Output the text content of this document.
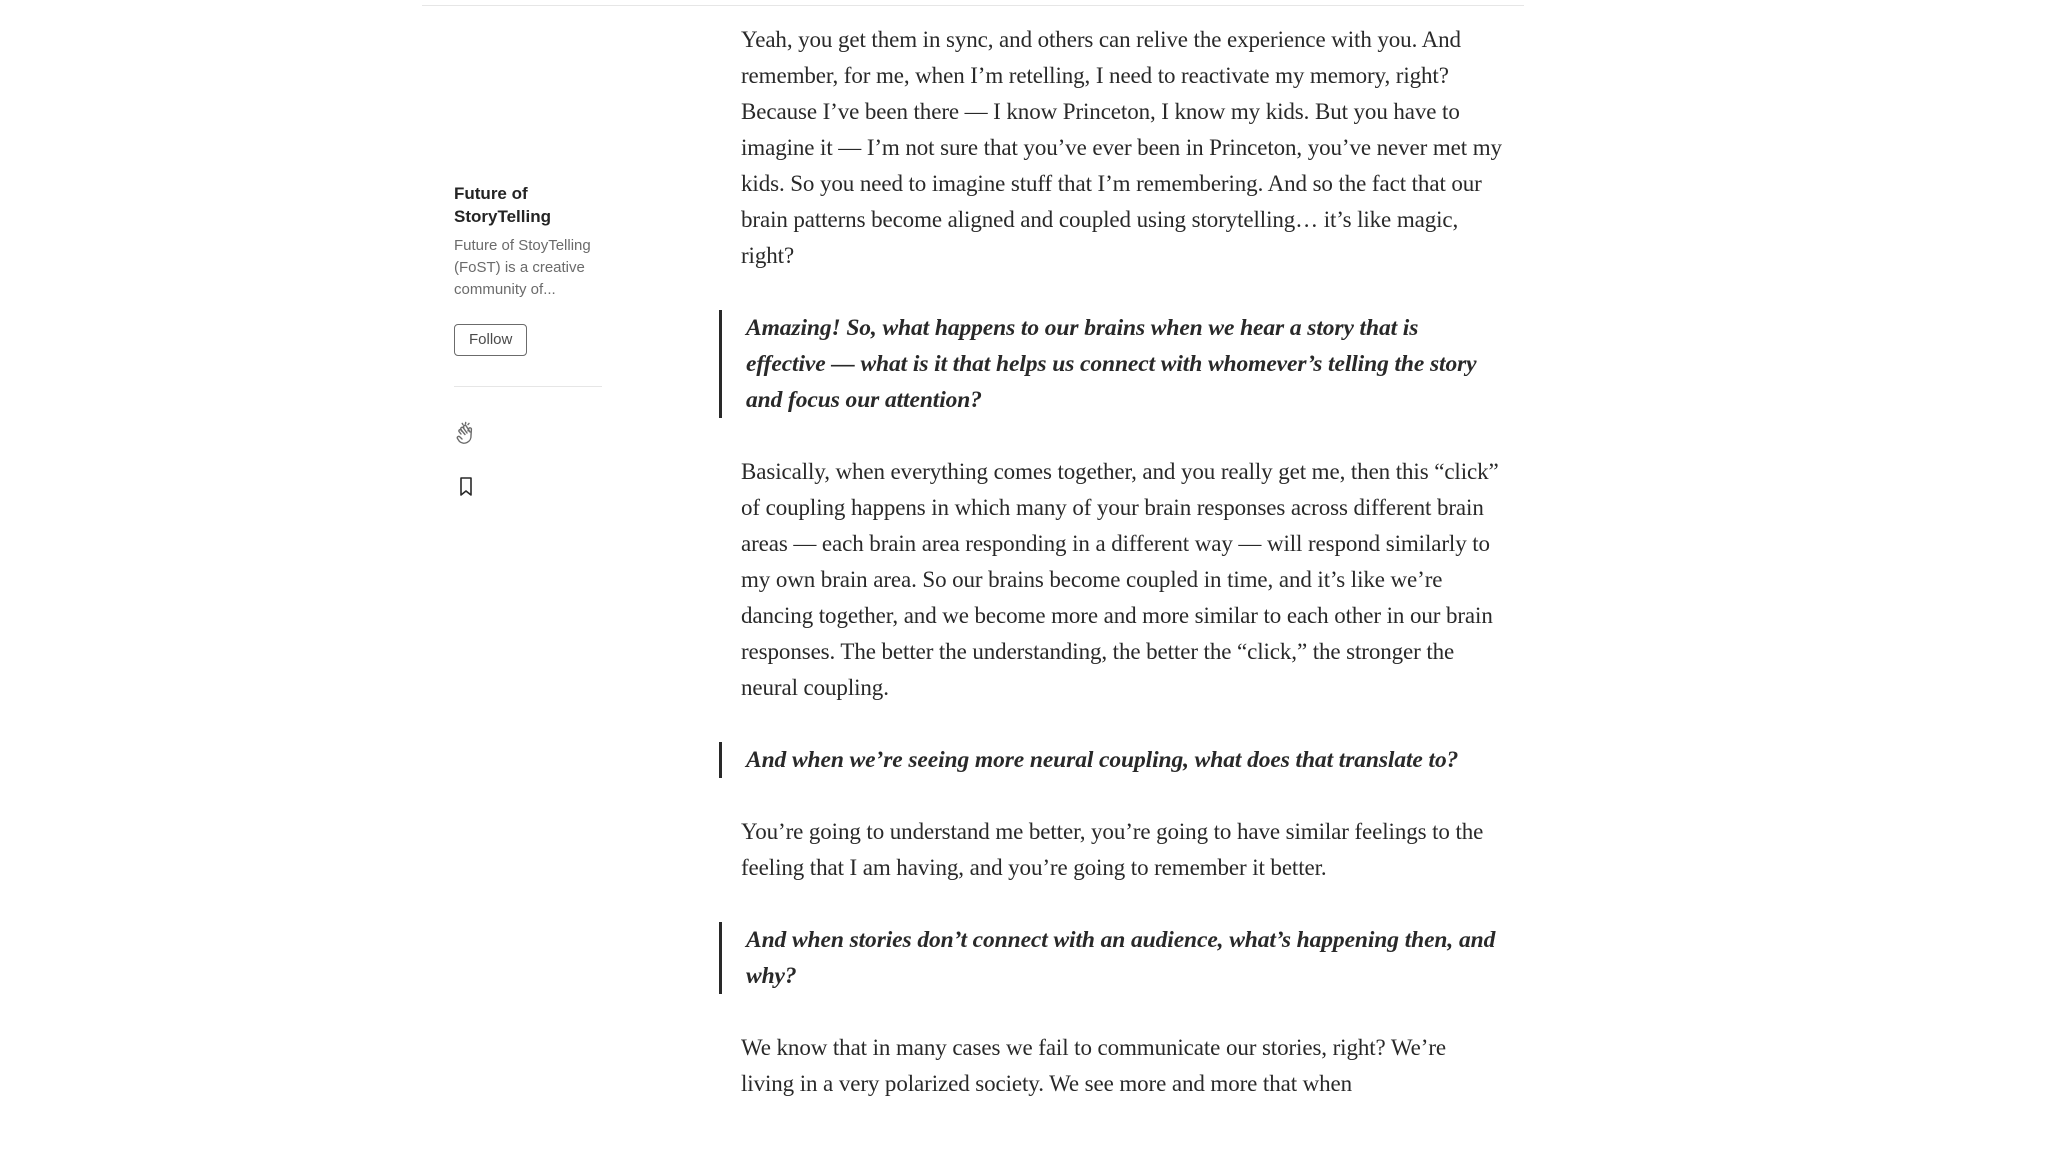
Future of StoryTelling
Future of StoyTelling (FoST) is a creative community of...
Follow

Yeah, you get them in sync, and others can relive the experience with you. And remember, for me, when I’m retelling, I need to reactivate my memory, right? Because I’ve been there — I know Princeton, I know my kids. But you have to imagine it — I’m not sure that you’ve ever been in Princeton, you’ve never met my kids. So you need to imagine stuff that I’m remembering. And so the fact that our brain patterns become aligned and coupled using storytelling… it’s like magic, right?

Amazing! So, what happens to our brains when we hear a story that is effective — what is it that helps us connect with whomever’s telling the story and focus our attention?

Basically, when everything comes together, and you really get me, then this “click” of coupling happens in which many of your brain responses across different brain areas — each brain area responding in a different way — will respond similarly to my own brain area. So our brains become coupled in time, and it’s like we’re dancing together, and we become more and more similar to each other in our brain responses. The better the understanding, the better the “click,” the stronger the neural coupling.

And when we’re seeing more neural coupling, what does that translate to?

You’re going to understand me better, you’re going to have similar feelings to the feeling that I am having, and you’re going to remember it better.

And when stories don’t connect with an audience, what’s happening then, and why?

We know that in many cases we fail to communicate our stories, right? We’re living in a very polarized society. We see more and more that when
